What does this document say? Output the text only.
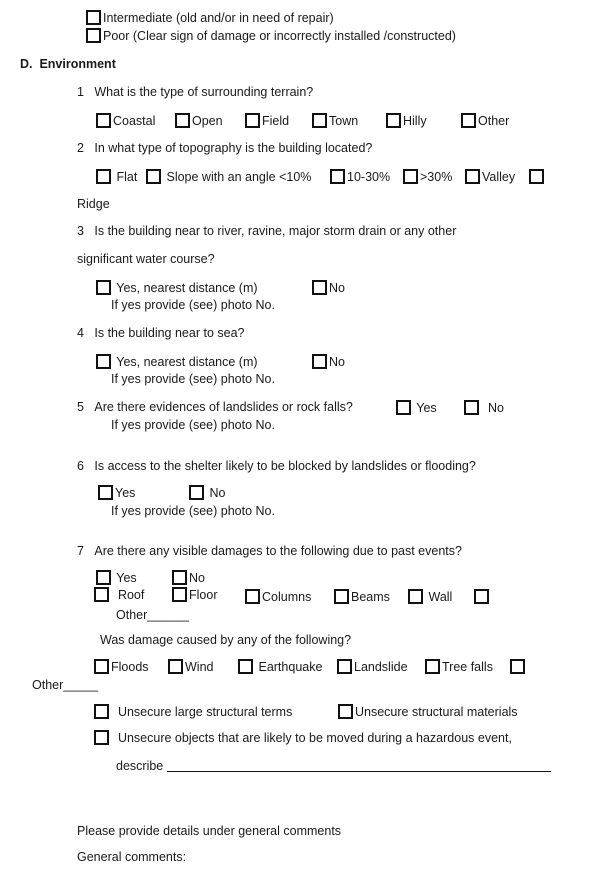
Intermediate (old and/or in need of repair)
Poor (Clear sign of damage or incorrectly installed /constructed)
D. Environment
1 What is the type of surrounding terrain?
Coastal	Open	Field	Town	Hilly	Other
2 In what type of topography is the building located?
Flat	Slope with an angle <10%	10-30%	>30%	Valley
Ridge
3 Is the building near to river, ravine, major storm drain or any other
significant water course?
Yes, nearest distance (m)	No
If yes provide (see) photo No.
4 Is the building near to sea?
Yes, nearest distance (m)	No
If yes provide (see) photo No.
5 Are there evidences of landslides or rock falls?	Yes	No
If yes provide (see) photo No.
6 Is access to the shelter likely to be blocked by landslides or flooding?
Yes	No
If yes provide (see) photo No.
7 Are there any visible damages to the following due to past events?
Yes	No
Roof	Floor	Columns	Beams	Wall
Other______
Was damage caused by any of the following?
Floods	Wind	Earthquake	Landslide	Tree falls
Other_____
Unsecure large structural terms	Unsecure structural materials
Unsecure objects that are likely to be moved during a hazardous event,
describe
Please provide details under general comments
General comments:
